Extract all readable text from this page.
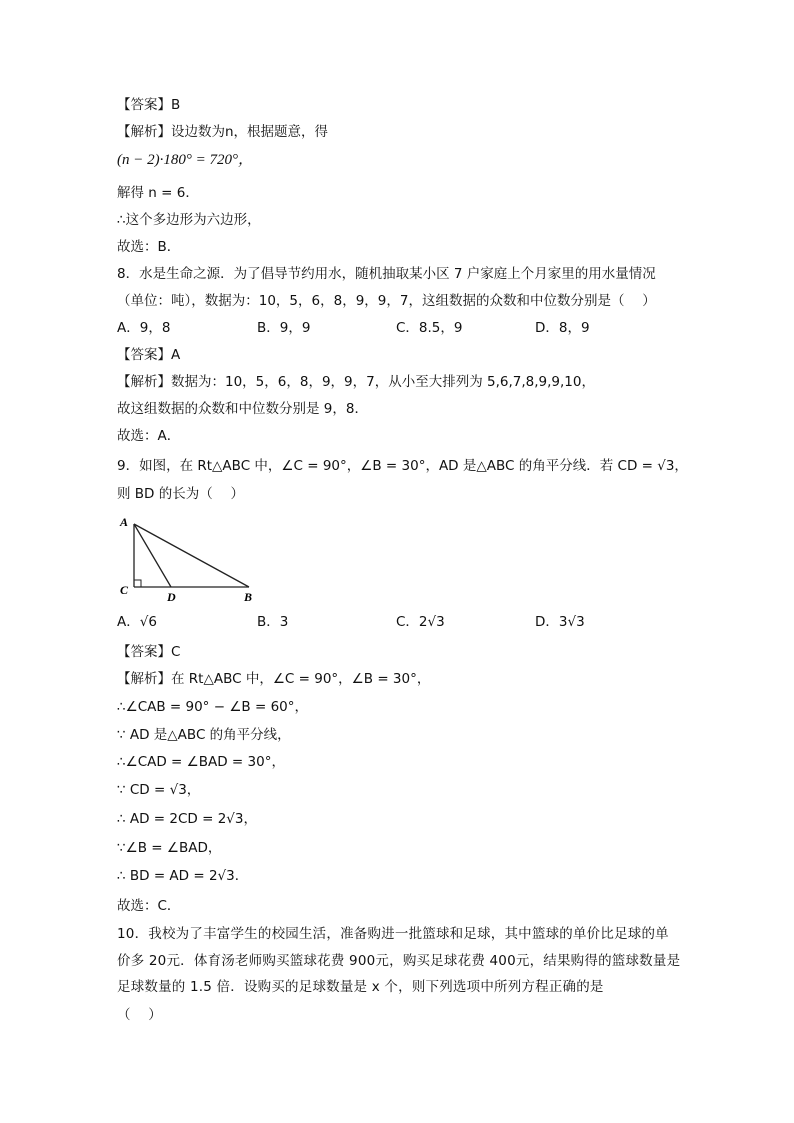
【答案】B
【解析】设边数为n，根据题意，得
(n − 2)·180° = 720°，
解得 n = 6．
∴这个多边形为六边形，
故选：B．
8．水是生命之源．为了倡导节约用水，随机抽取某小区 7 户家庭上个月家里的用水量情况
（单位：吨），数据为：10，5，6，8，9，9，7，这组数据的众数和中位数分别是（　 ）

A．9，8

	B．9，9

	C．8.5，9

	D．8，9

【答案】A
【解析】数据为：10，5，6，8，9，9，7，从小至大排列为 5,6,7,8,9,9,10，
故这组数据的众数和中位数分别是 9，8．
故选：A．
9．如图，在 Rt△ABC 中，∠C = 90°，∠B = 30°，AD 是△ABC 的角平分线．若 CD = √3，
则 BD 的长为（　 ）
A
C	D	B

A．√6

	B．3

	C．2√3

	D．3√3

【答案】C
【解析】在 Rt△ABC 中，∠C = 90°，∠B = 30°，
∴∠CAB = 90° − ∠B = 60°，
∵ AD 是△ABC 的角平分线，
∴∠CAD = ∠BAD = 30°，
∵ CD = √3，
∴ AD = 2CD = 2√3，
∵∠B = ∠BAD，
∴ BD = AD = 2√3．
故选：C．
10．我校为了丰富学生的校园生活，准备购进一批篮球和足球，其中篮球的单价比足球的单价多 20元．体育汤老师购买篮球花费 900元，购买足球花费 400元，结果购得的篮球数量是足球数量的 1.5 倍．设购买的足球数量是 x 个，则下列选项中所列方程正确的是
（　 ）
